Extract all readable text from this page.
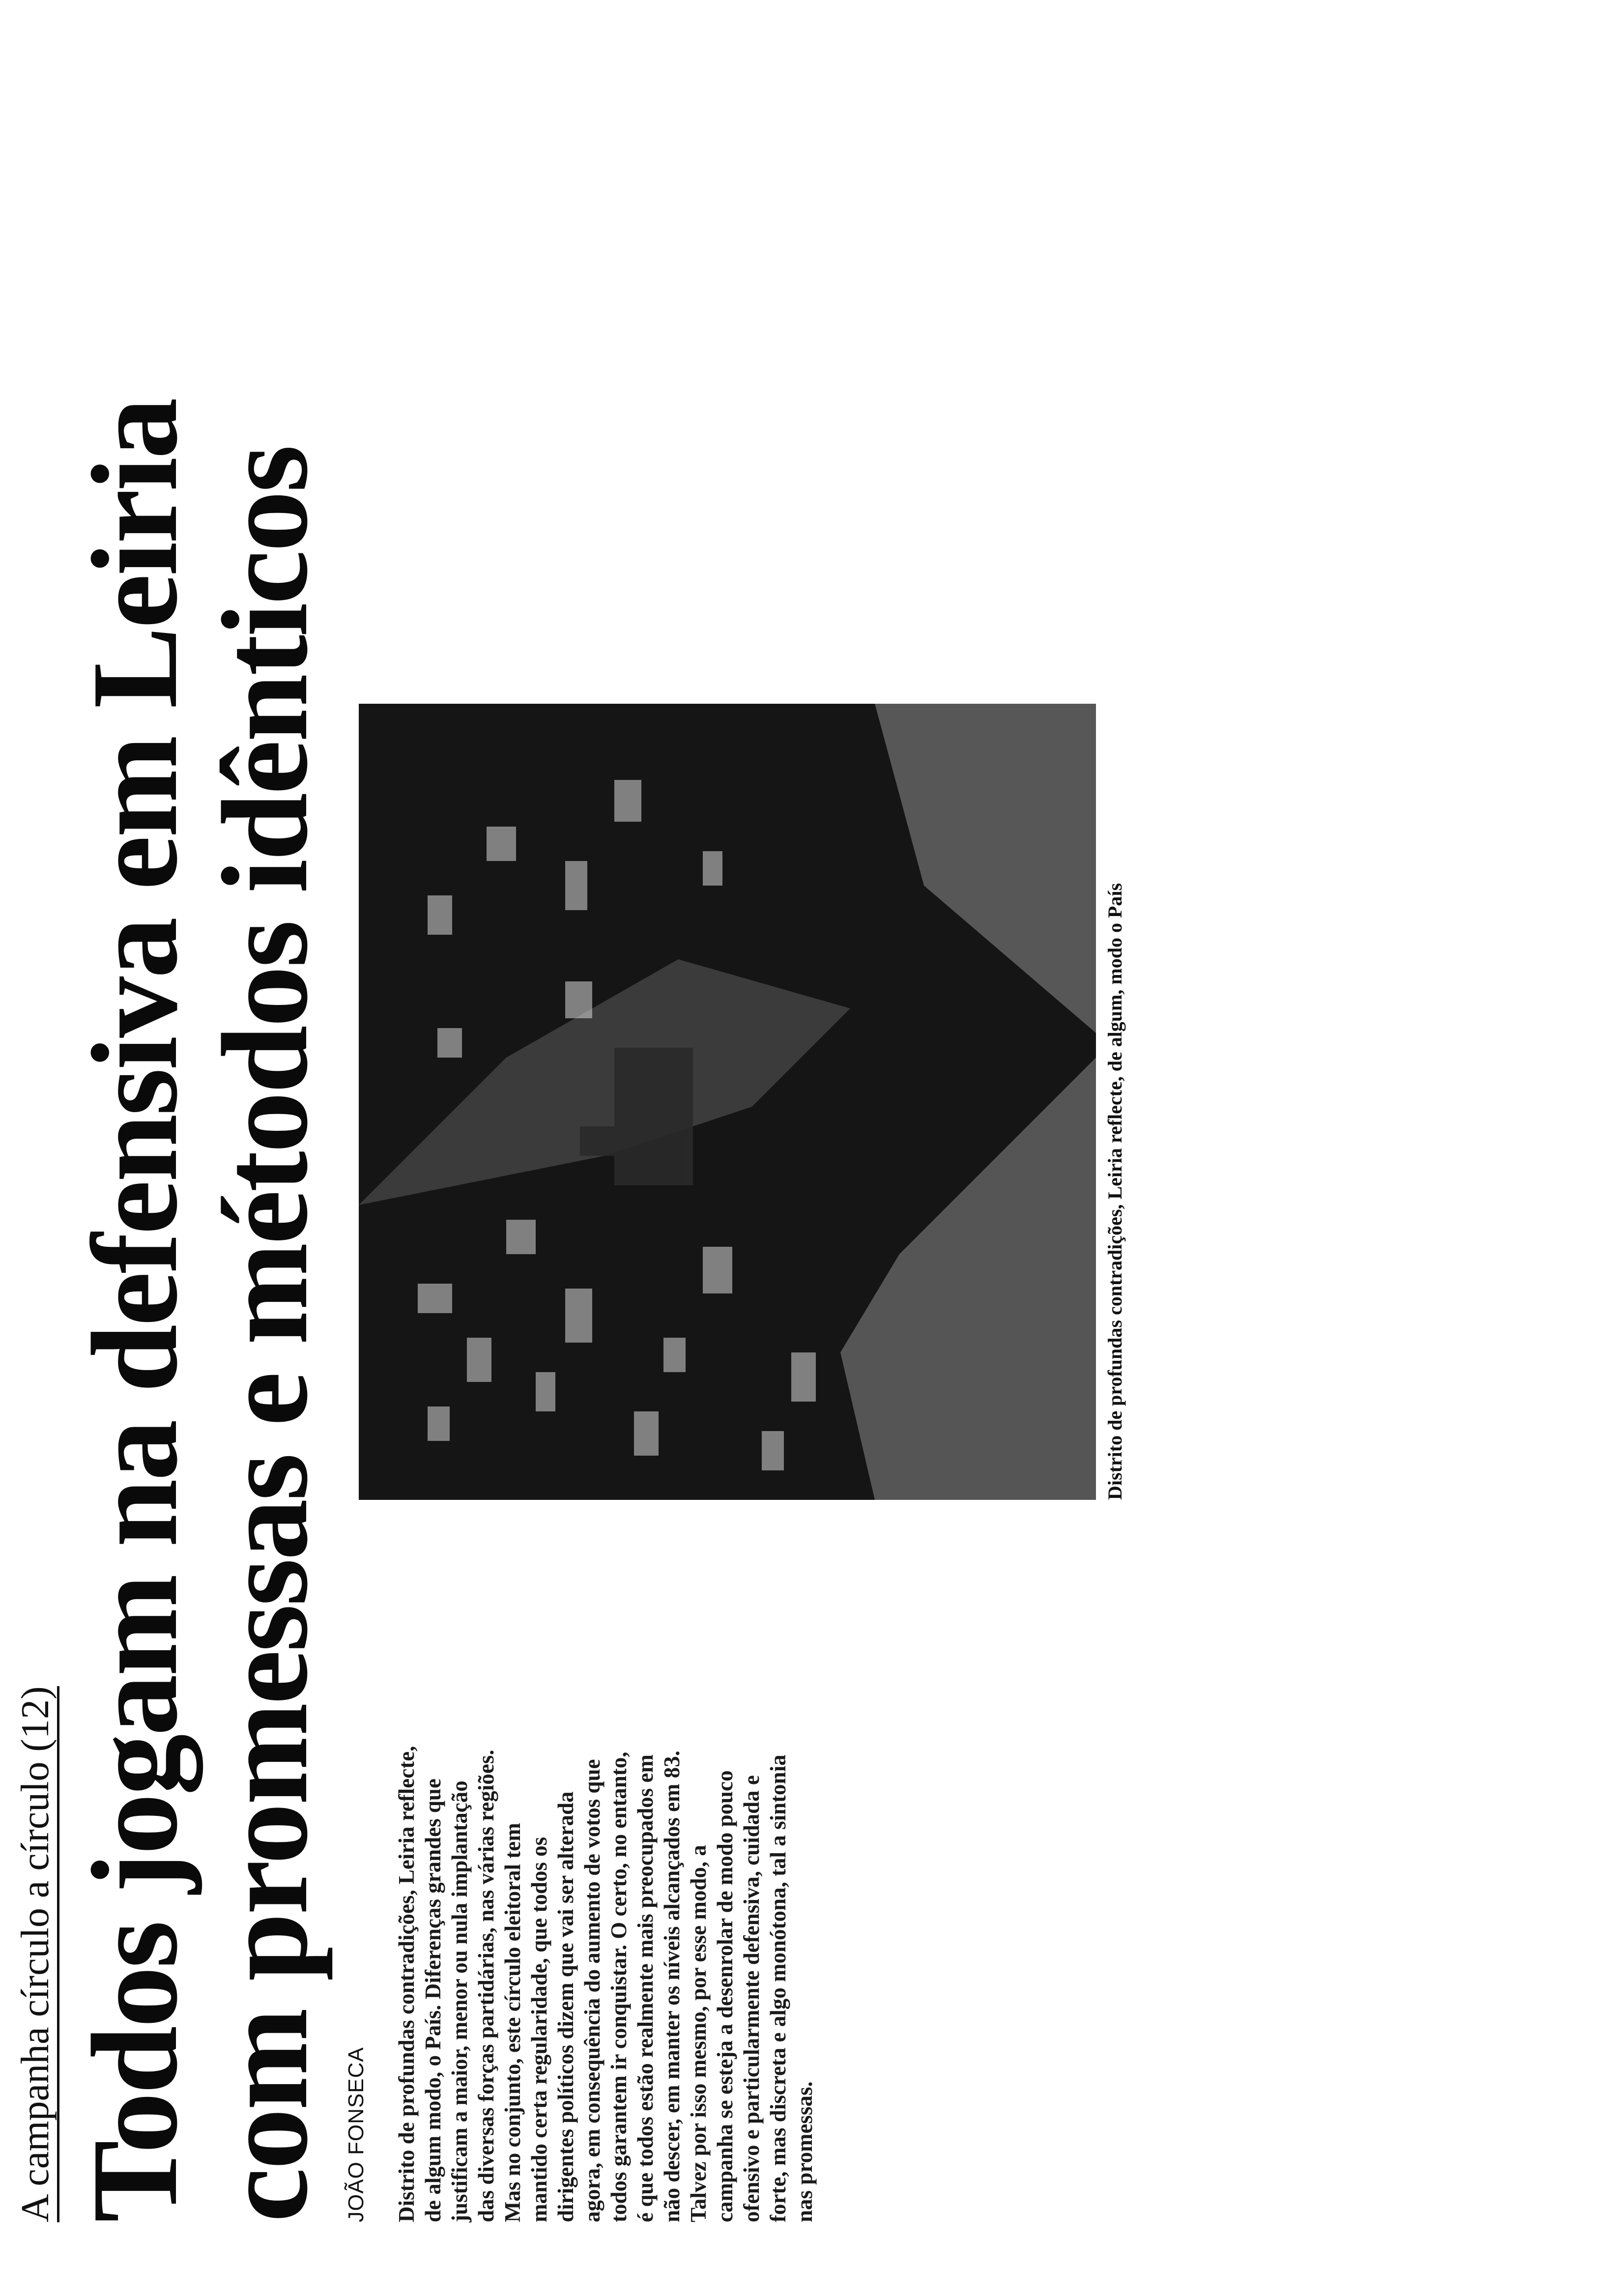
A campanha círculo a círculo (12) Todos jogam na defensiva em Leiria
com promessas e métodos idênticos JOÃO FONSECA Distrito de profundas contradições, Leiria reflecte, de algum modo, o País. Diferenças grandes que justificam a maior, menor ou nula implantação das diversas forças partidárias, nas várias regiões. Mas no conjunto, este círculo eleitoral tem mantido certa regularidade, que todos os dirigentes políticos dizem que vai ser alterada agora, em consequência do aumento de votos que todos garantem ir conquistar. O certo, no entanto, é que todos estão realmente mais preocupados em não descer, em manter os níveis alcançados em 83. Talvez por isso mesmo, por esse modo, a campanha se esteja a desenrolar de modo pouco ofensivo e particularmente defensiva, cuidada e forte, mas discreta e algo monótona, tal a sintonia nas promessas.

Distrito de profundas contradições, Leiria reflecte, de algum, modo o País
